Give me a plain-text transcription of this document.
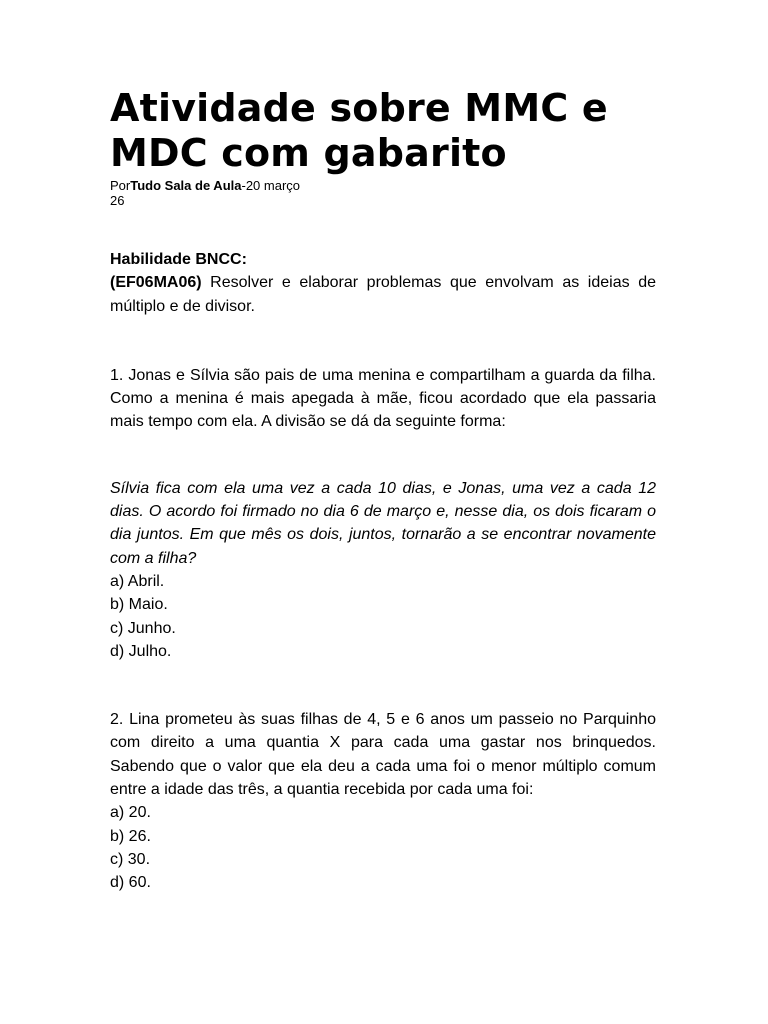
Atividade sobre MMC e MDC com gabarito
PorTudo Sala de Aula-20 março
26

Habilidade BNCC:

(EF06MA06) Resolver e elaborar problemas que envolvam as ideias de múltiplo e de divisor.

1. Jonas e Sílvia são pais de uma menina e compartilham a guarda da filha. Como a menina é mais apegada à mãe, ficou acordado que ela passaria mais tempo com ela. A divisão se dá da seguinte forma:

Sílvia fica com ela uma vez a cada 10 dias, e Jonas, uma vez a cada 12 dias. O acordo foi firmado no dia 6 de março e, nesse dia, os dois ficaram o dia juntos. Em que mês os dois, juntos, tornarão a se encontrar novamente com a filha?

a) Abril.
b) Maio.
c) Junho.
d) Julho.

2. Lina prometeu às suas filhas de 4, 5 e 6 anos um passeio no Parquinho com direito a uma quantia X para cada uma gastar nos brinquedos. Sabendo que o valor que ela deu a cada uma foi o menor múltiplo comum entre a idade das três, a quantia recebida por cada uma foi:

a) 20.
b) 26.
c) 30.
d) 60.
